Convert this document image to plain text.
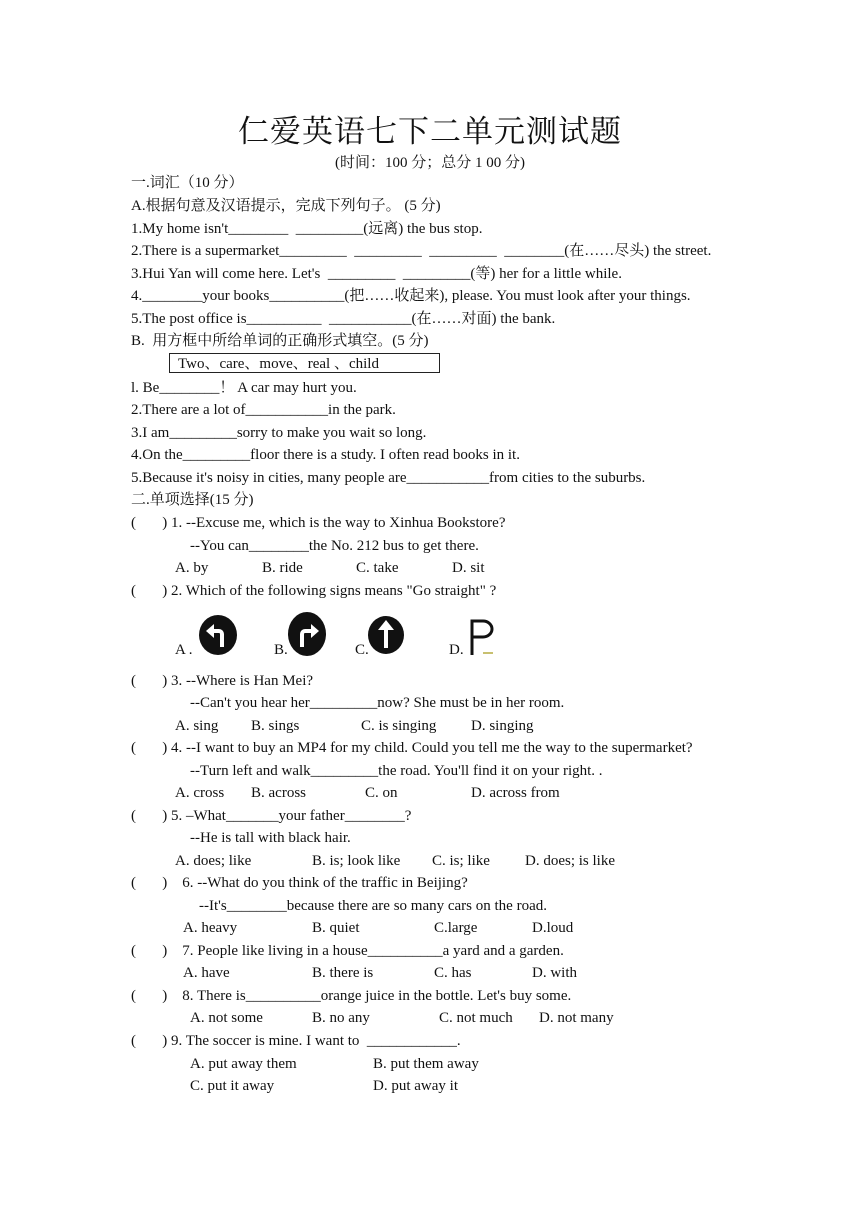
仁爱英语七下二单元测试题
(时间：100 分；总分 1 00 分)
一.词汇（10 分）
A.根据句意及汉语提示，完成下列句子。 (5 分)
1.My home isn't________  _________(远离) the bus stop.
2.There is a supermarket_________  _________  _________  ________(在……尽头) the street.
3.Hui Yan will come here. Let's  _________  _________(等) her for a little while.
4.________your books__________(把……收起来), please. You must look after your things.
5.The post office is__________  ___________(在……对面) the bank.
B.  用方框中所给单词的正确形式填空。(5 分)
Two、care、move、real 、child
l. Be________！ A car may hurt you.
2.There are a lot of___________in the park.
3.I am_________sorry to make you wait so long.
4.On the_________floor there is a study. I often read books in it.
5.Because it's noisy in cities, many people are___________from cities to the suburbs.
二.单项选择(15 分)
(       ) 1. --Excuse me, which is the way to Xinhua Bookstore?
--You can________the No. 212 bus to get there.
A. by	B. ride	C. take	D. sit
(       ) 2. Which of the following signs means "Go straight" ?
A .	B.	C.	D.
(       ) 3. --Where is Han Mei?
--Can't you hear her_________now? She must be in her room.
A. sing B. sings	C. is singing D. singing
(       ) 4. --I want to buy an MP4 for my child. Could you tell me the way to the supermarket?
--Turn left and walk_________the road. You'll find it on your right. .
A. cross B. across	C. on	D. across from
(       ) 5. –What_______your father________?
--He is tall with black hair.
A. does; like	B. is; look like C. is; like D. does; is like
(       )    6. --What do you think of the traffic in Beijing?
--It's________because there are so many cars on the road.
A. heavy	B. quiet	C.large	D.loud
(       )    7. People like living in a house__________a yard and a garden.
A. have	B. there is	C. has	D. with
(       )    8. There is__________orange juice in the bottle. Let's buy some.
A. not some	B. no any	C. not much D. not many
(       ) 9. The soccer is mine. I want to  ____________.
A. put away them	B. put them away
C. put it away	D. put away it
